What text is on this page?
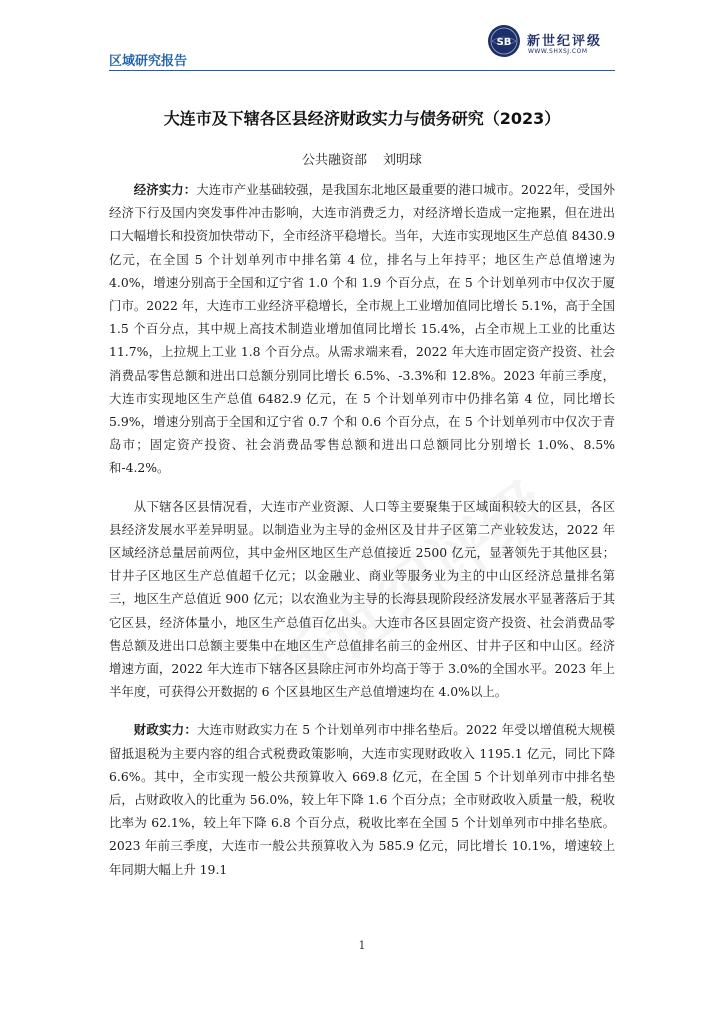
区域研究报告
SB 新世纪评级
WWW.SHXSJ.COM
大连市及下辖各区县经济财政实力与债务研究（2023）
公共融资部 刘明球

经济实力：大连市产业基础较强，是我国东北地区最重要的港口城市。2022年，受国外经济下行及国内突发事件冲击影响，大连市消费乏力，对经济增长造成一定拖累，但在进出口大幅增长和投资加快带动下，全市经济平稳增长。当年，大连市实现地区生产总值 8430.9 亿元，在全国 5 个计划单列市中排名第 4 位，排名与上年持平；地区生产总值增速为 4.0%，增速分别高于全国和辽宁省 1.0 个和 1.9 个百分点，在 5 个计划单列市中仅次于厦门市。2022 年，大连市工业经济平稳增长，全市规上工业增加值同比增长 5.1%，高于全国 1.5 个百分点，其中规上高技术制造业增加值同比增长 15.4%，占全市规上工业的比重达 11.7%，上拉规上工业 1.8 个百分点。从需求端来看，2022 年大连市固定资产投资、社会消费品零售总额和进出口总额分别同比增长 6.5%、-3.3%和 12.8%。2023 年前三季度，大连市实现地区生产总值 6482.9 亿元，在 5 个计划单列市中仍排名第 4 位，同比增长 5.9%，增速分别高于全国和辽宁省 0.7 个和 0.6 个百分点，在 5 个计划单列市中仅次于青岛市；固定资产投资、社会消费品零售总额和进出口总额同比分别增长 1.0%、8.5%和-4.2%。

从下辖各区县情况看，大连市产业资源、人口等主要聚集于区域面积较大的区县，各区县经济发展水平差异明显。以制造业为主导的金州区及甘井子区第二产业较发达，2022 年区域经济总量居前两位，其中金州区地区生产总值接近 2500 亿元，显著领先于其他区县；甘井子区地区生产总值超千亿元；以金融业、商业等服务业为主的中山区经济总量排名第三，地区生产总值近 900 亿元；以农渔业为主导的长海县现阶段经济发展水平显著落后于其它区县，经济体量小，地区生产总值百亿出头。大连市各区县固定资产投资、社会消费品零售总额及进出口总额主要集中在地区生产总值排名前三的金州区、甘井子区和中山区。经济增速方面，2022 年大连市下辖各区县除庄河市外均高于等于 3.0%的全国水平。2023 年上半年度，可获得公开数据的 6 个区县地区生产总值增速均在 4.0%以上。

财政实力：大连市财政实力在 5 个计划单列市中排名垫后。2022 年受以增值税大规模留抵退税为主要内容的组合式税费政策影响，大连市实现财政收入 1195.1 亿元，同比下降 6.6%。其中，全市实现一般公共预算收入 669.8 亿元，在全国 5 个计划单列市中排名垫后，占财政收入的比重为 56.0%，较上年下降 1.6 个百分点；全市财政收入质量一般，税收比率为 62.1%，较上年下降 6.8 个百分点，税收比率在全国 5 个计划单列市中排名垫底。2023 年前三季度，大连市一般公共预算收入为 585.9 亿元，同比增长 10.1%，增速较上年同期大幅上升 19.1

1
